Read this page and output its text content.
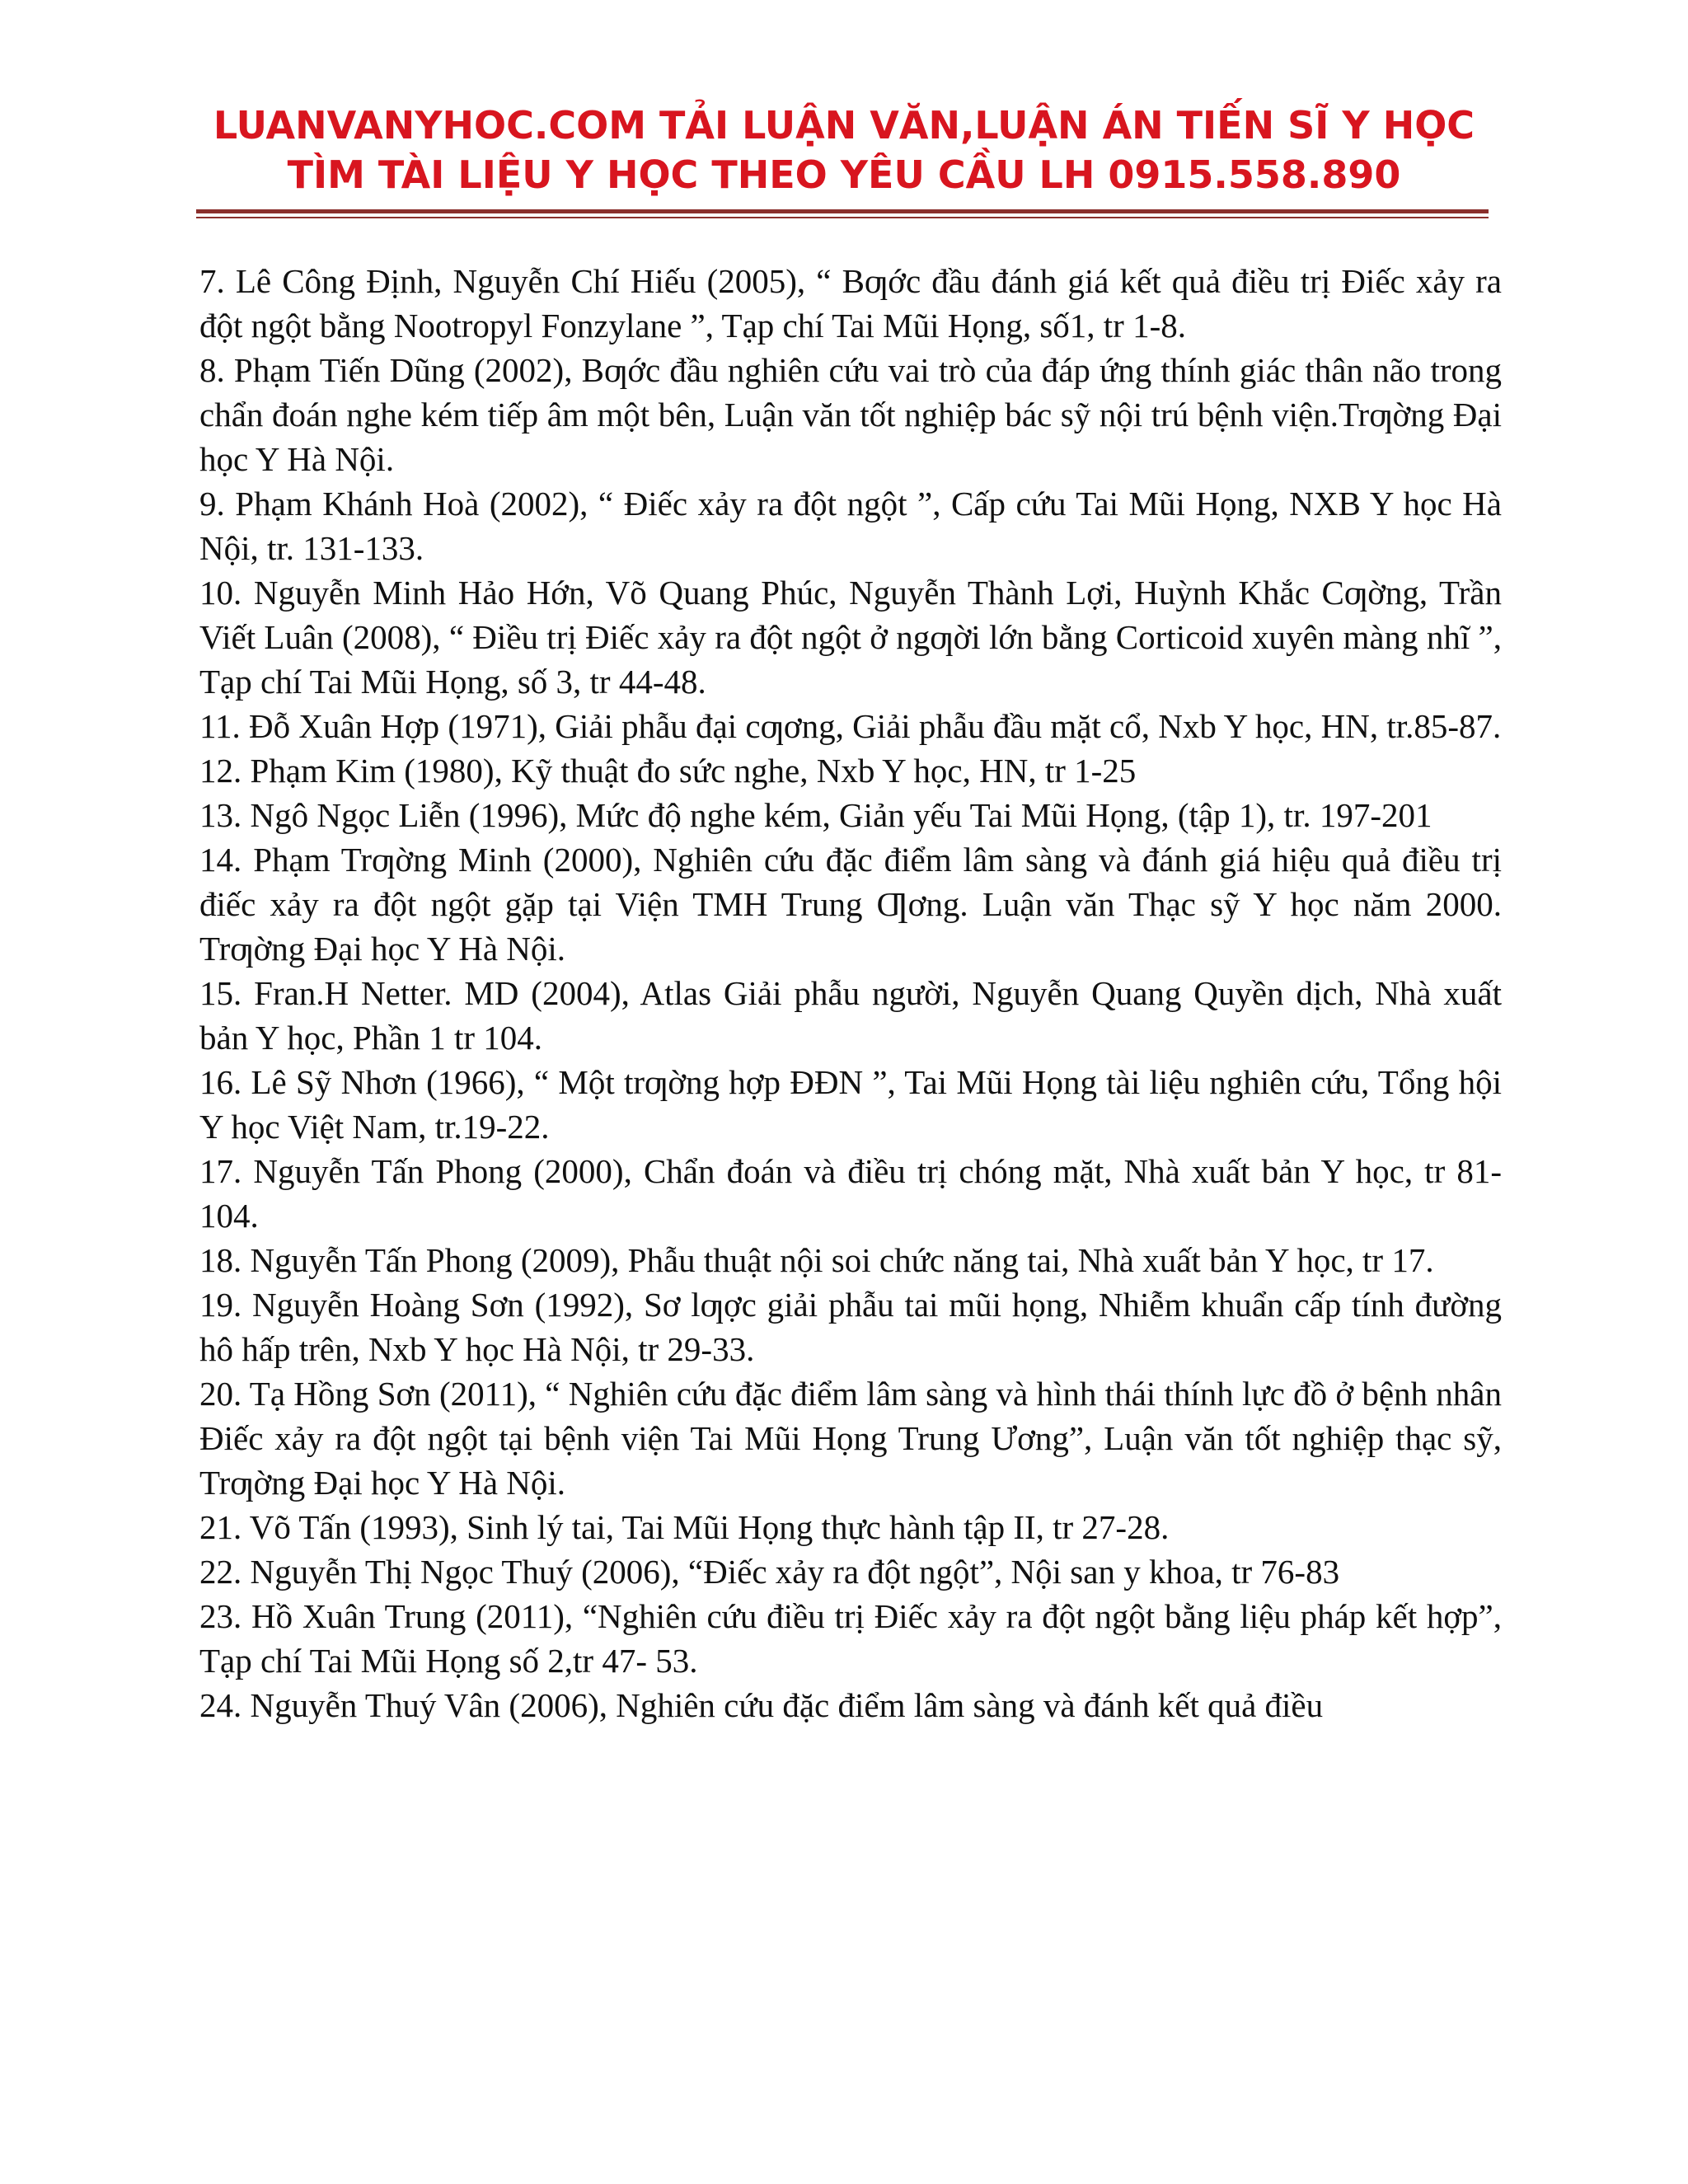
LUANVANYHOC.COM TẢI LUẬN VĂN,LUẬN ÁN TIẾN SĨ Y HỌC
TÌM TÀI LIỆU Y HỌC THEO YÊU CẦU LH 0915.558.890

7. Lê Công Định, Nguyễn Chí Hiếu (2005), “ Bƣớc đầu đánh giá kết quả điều trị Điếc xảy ra đột ngột bằng Nootropyl Fonzylane ”, Tạp chí Tai Mũi Họng, số1, tr 1-8.

8. Phạm Tiến Dũng (2002), Bƣớc đầu nghiên cứu vai trò của đáp ứng thính giác thân não trong chẩn đoán nghe kém tiếp âm một bên, Luận văn tốt nghiệp bác sỹ nội trú bệnh viện.Trƣờng Đại học Y Hà Nội.

9. Phạm Khánh Hoà (2002), “ Điếc xảy ra đột ngột ”, Cấp cứu Tai Mũi Họng, NXB Y học Hà Nội, tr. 131-133.

10. Nguyễn Minh Hảo Hớn, Võ Quang Phúc, Nguyễn Thành Lợi, Huỳnh Khắc Cƣờng, Trần Viết Luân (2008), “ Điều trị Điếc xảy ra đột ngột ở ngƣời lớn bằng Corticoid xuyên màng nhĩ ”, Tạp chí Tai Mũi Họng, số 3, tr 44-48.

11. Đỗ Xuân Hợp (1971), Giải phẫu đại cƣơng, Giải phẫu đầu mặt cổ, Nxb Y học, HN, tr.85-87.

12. Phạm Kim (1980), Kỹ thuật đo sức nghe, Nxb Y học, HN, tr 1-25

13. Ngô Ngọc Liễn (1996), Mức độ nghe kém, Giản yếu Tai Mũi Họng, (tập 1), tr. 197-201

14. Phạm Trƣờng Minh (2000), Nghiên cứu đặc điểm lâm sàng và đánh giá hiệu quả điều trị điếc xảy ra đột ngột gặp tại Viện TMH Trung Ƣơng. Luận văn Thạc sỹ Y học năm 2000. Trƣờng Đại học Y Hà Nội.

15. Fran.H Netter. MD (2004), Atlas Giải phẫu người, Nguyễn Quang Quyền dịch, Nhà xuất bản Y học, Phần 1 tr 104.

16. Lê Sỹ Nhơn (1966), “ Một trƣờng hợp ĐĐN ”, Tai Mũi Họng tài liệu nghiên cứu, Tổng hội Y học Việt Nam, tr.19-22.

17. Nguyễn Tấn Phong (2000), Chẩn đoán và điều trị chóng mặt, Nhà xuất bản Y học, tr 81- 104.

18. Nguyễn Tấn Phong (2009), Phẫu thuật nội soi chức năng tai, Nhà xuất bản Y học, tr 17.

19. Nguyễn Hoàng Sơn (1992), Sơ lƣợc giải phẫu tai mũi họng, Nhiễm khuẩn cấp tính đường hô hấp trên, Nxb Y học Hà Nội, tr 29-33.

20. Tạ Hồng Sơn (2011), “ Nghiên cứu đặc điểm lâm sàng và hình thái thính lực đồ ở bệnh nhân Điếc xảy ra đột ngột tại bệnh viện Tai Mũi Họng Trung Ương”, Luận văn tốt nghiệp thạc sỹ, Trƣờng Đại học Y Hà Nội.

21. Võ Tấn (1993), Sinh lý tai, Tai Mũi Họng thực hành tập II, tr 27-28.

22. Nguyễn Thị Ngọc Thuý (2006), “Điếc xảy ra đột ngột”, Nội san y khoa, tr 76-83

23. Hồ Xuân Trung (2011), “Nghiên cứu điều trị Điếc xảy ra đột ngột bằng liệu pháp kết hợp”, Tạp chí Tai Mũi Họng số 2,tr 47- 53.

24. Nguyễn Thuý Vân (2006), Nghiên cứu đặc điểm lâm sàng và đánh kết quả điều
